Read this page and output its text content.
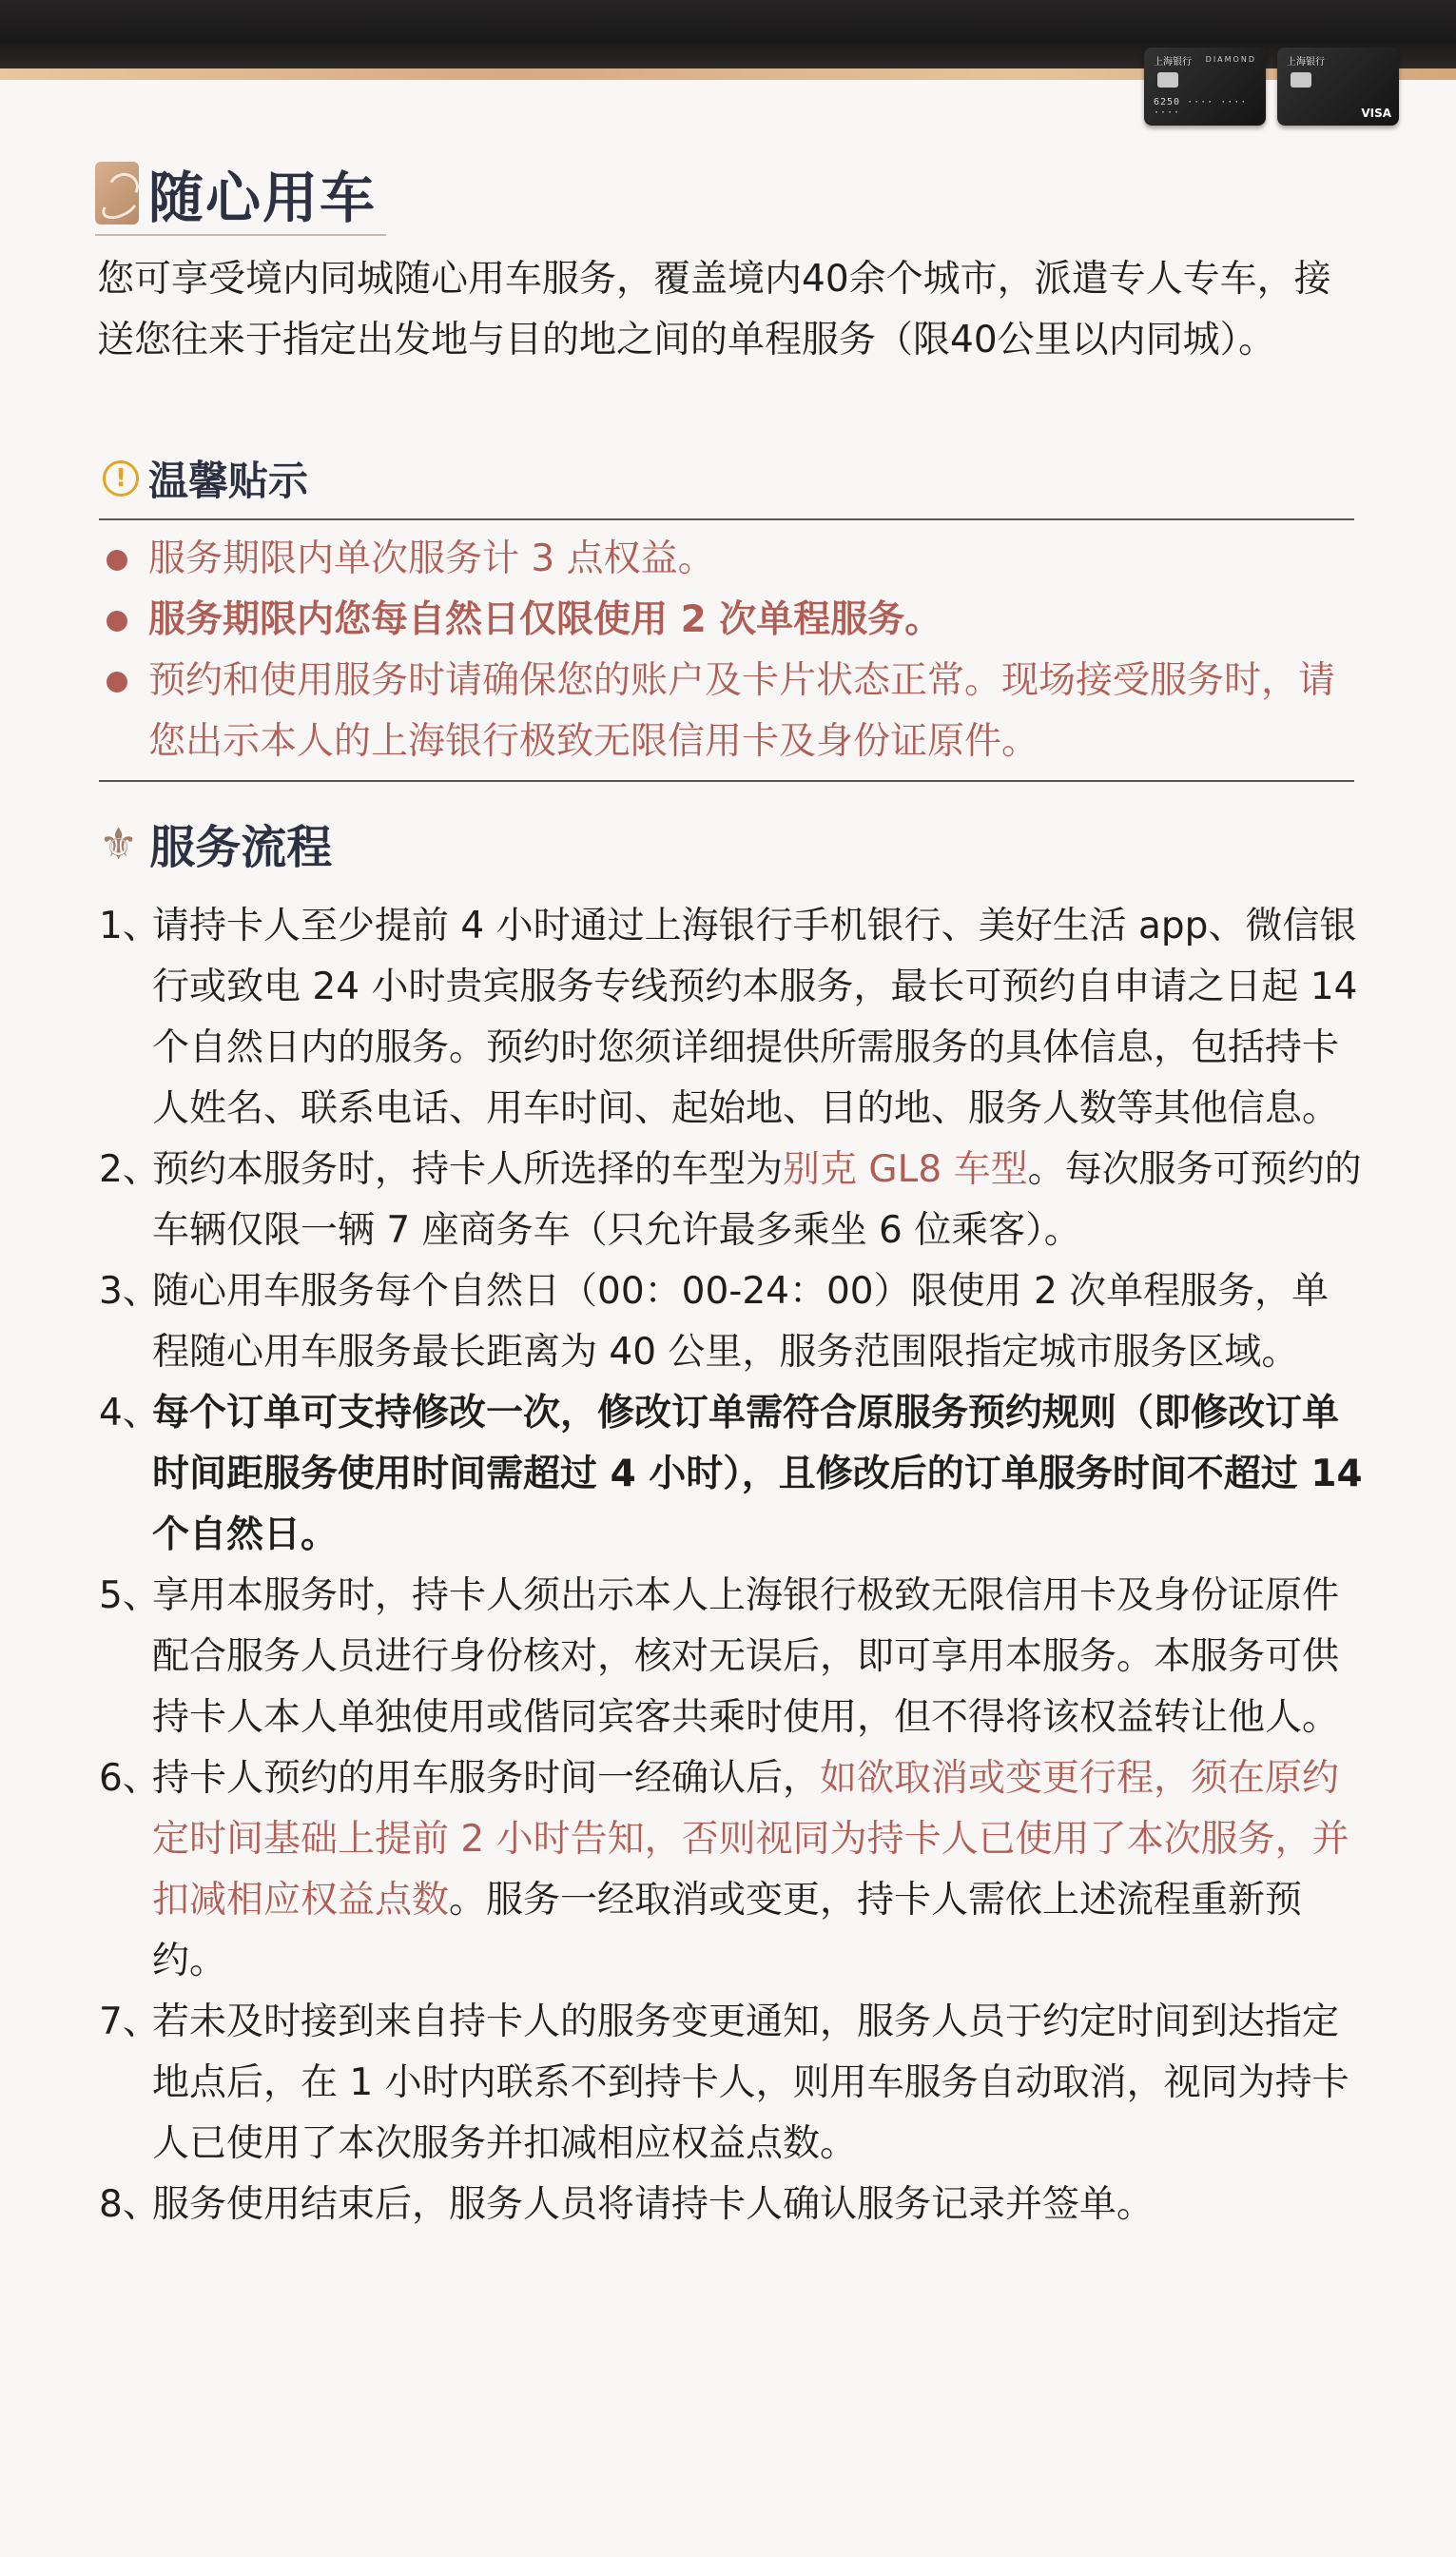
上海银行 DIAMOND
6250 ···· ···· ····
上海银行
VISA
随心用车
您可享受境内同城随心用车服务，覆盖境内40余个城市，派遣专人专车，接送您往来于指定出发地与目的地之间的单程服务（限40公里以内同城）。
! 温馨贴示
服务期限内单次服务计 3 点权益。
服务期限内您每自然日仅限使用 2 次单程服务。
预约和使用服务时请确保您的账户及卡片状态正常。现场接受服务时，请您出示本人的上海银行极致无限信用卡及身份证原件。
⚜ 服务流程
1、
请持卡人至少提前 4 小时通过上海银行手机银行、美好生活 app、微信银行或致电 24 小时贵宾服务专线预约本服务，最长可预约自申请之日起 14 个自然日内的服务。预约时您须详细提供所需服务的具体信息，包括持卡人姓名、联系电话、用车时间、起始地、目的地、服务人数等其他信息。
2、
预约本服务时，持卡人所选择的车型为别克 GL8 车型。每次服务可预约的车辆仅限一辆 7 座商务车（只允许最多乘坐 6 位乘客）。
3、
随心用车服务每个自然日（00：00-24：00）限使用 2 次单程服务，单程随心用车服务最长距离为 40 公里，服务范围限指定城市服务区域。
4、
每个订单可支持修改一次，修改订单需符合原服务预约规则（即修改订单时间距服务使用时间需超过 4 小时），且修改后的订单服务时间不超过 14 个自然日。
5、
享用本服务时，持卡人须出示本人上海银行极致无限信用卡及身份证原件配合服务人员进行身份核对，核对无误后，即可享用本服务。本服务可供持卡人本人单独使用或偕同宾客共乘时使用，但不得将该权益转让他人。
6、
持卡人预约的用车服务时间一经确认后，如欲取消或变更行程，须在原约定时间基础上提前 2 小时告知，否则视同为持卡人已使用了本次服务，并扣减相应权益点数。服务一经取消或变更，持卡人需依上述流程重新预约。
7、
若未及时接到来自持卡人的服务变更通知，服务人员于约定时间到达指定地点后，在 1 小时内联系不到持卡人，则用车服务自动取消，视同为持卡人已使用了本次服务并扣减相应权益点数。
8、
服务使用结束后，服务人员将请持卡人确认服务记录并签单。
